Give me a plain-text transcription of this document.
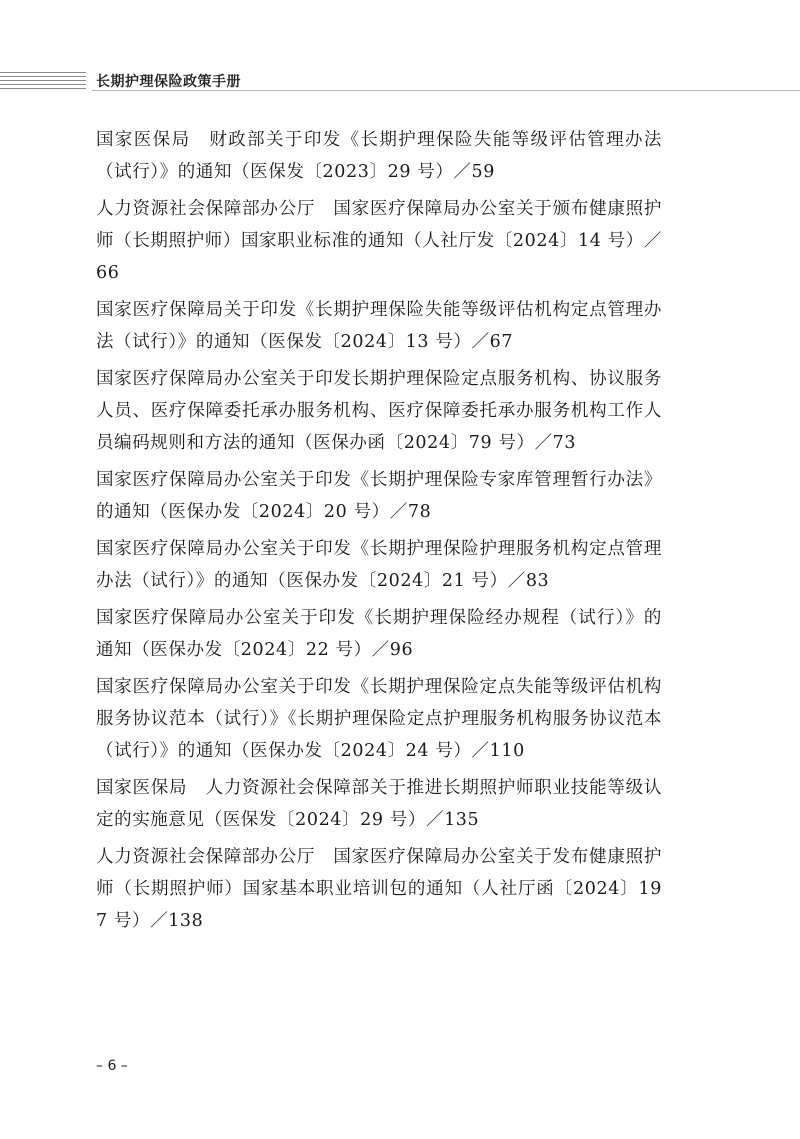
长期护理保险政策手册

国家医保局　财政部关于印发《长期护理保险失能等级评估管理办法（试行）》的通知（医保发〔2023〕29 号）／59

人力资源社会保障部办公厅　国家医疗保障局办公室关于颁布健康照护师（长期照护师）国家职业标准的通知（人社厅发〔2024〕14 号）／66

国家医疗保障局关于印发《长期护理保险失能等级评估机构定点管理办法（试行）》的通知（医保发〔2024〕13 号）／67

国家医疗保障局办公室关于印发长期护理保险定点服务机构、协议服务人员、医疗保障委托承办服务机构、医疗保障委托承办服务机构工作人员编码规则和方法的通知（医保办函〔2024〕79 号）／73

国家医疗保障局办公室关于印发《长期护理保险专家库管理暂行办法》的通知（医保办发〔2024〕20 号）／78

国家医疗保障局办公室关于印发《长期护理保险护理服务机构定点管理办法（试行）》的通知（医保办发〔2024〕21 号）／83

国家医疗保障局办公室关于印发《长期护理保险经办规程（试行）》的通知（医保办发〔2024〕22 号）／96

国家医疗保障局办公室关于印发《长期护理保险定点失能等级评估机构服务协议范本（试行）》《长期护理保险定点护理服务机构服务协议范本（试行）》的通知（医保办发〔2024〕24 号）／110

国家医保局　人力资源社会保障部关于推进长期照护师职业技能等级认定的实施意见（医保发〔2024〕29 号）／135

人力资源社会保障部办公厅　国家医疗保障局办公室关于发布健康照护师（长期照护师）国家基本职业培训包的通知（人社厅函〔2024〕197 号）／138

– 6 –
